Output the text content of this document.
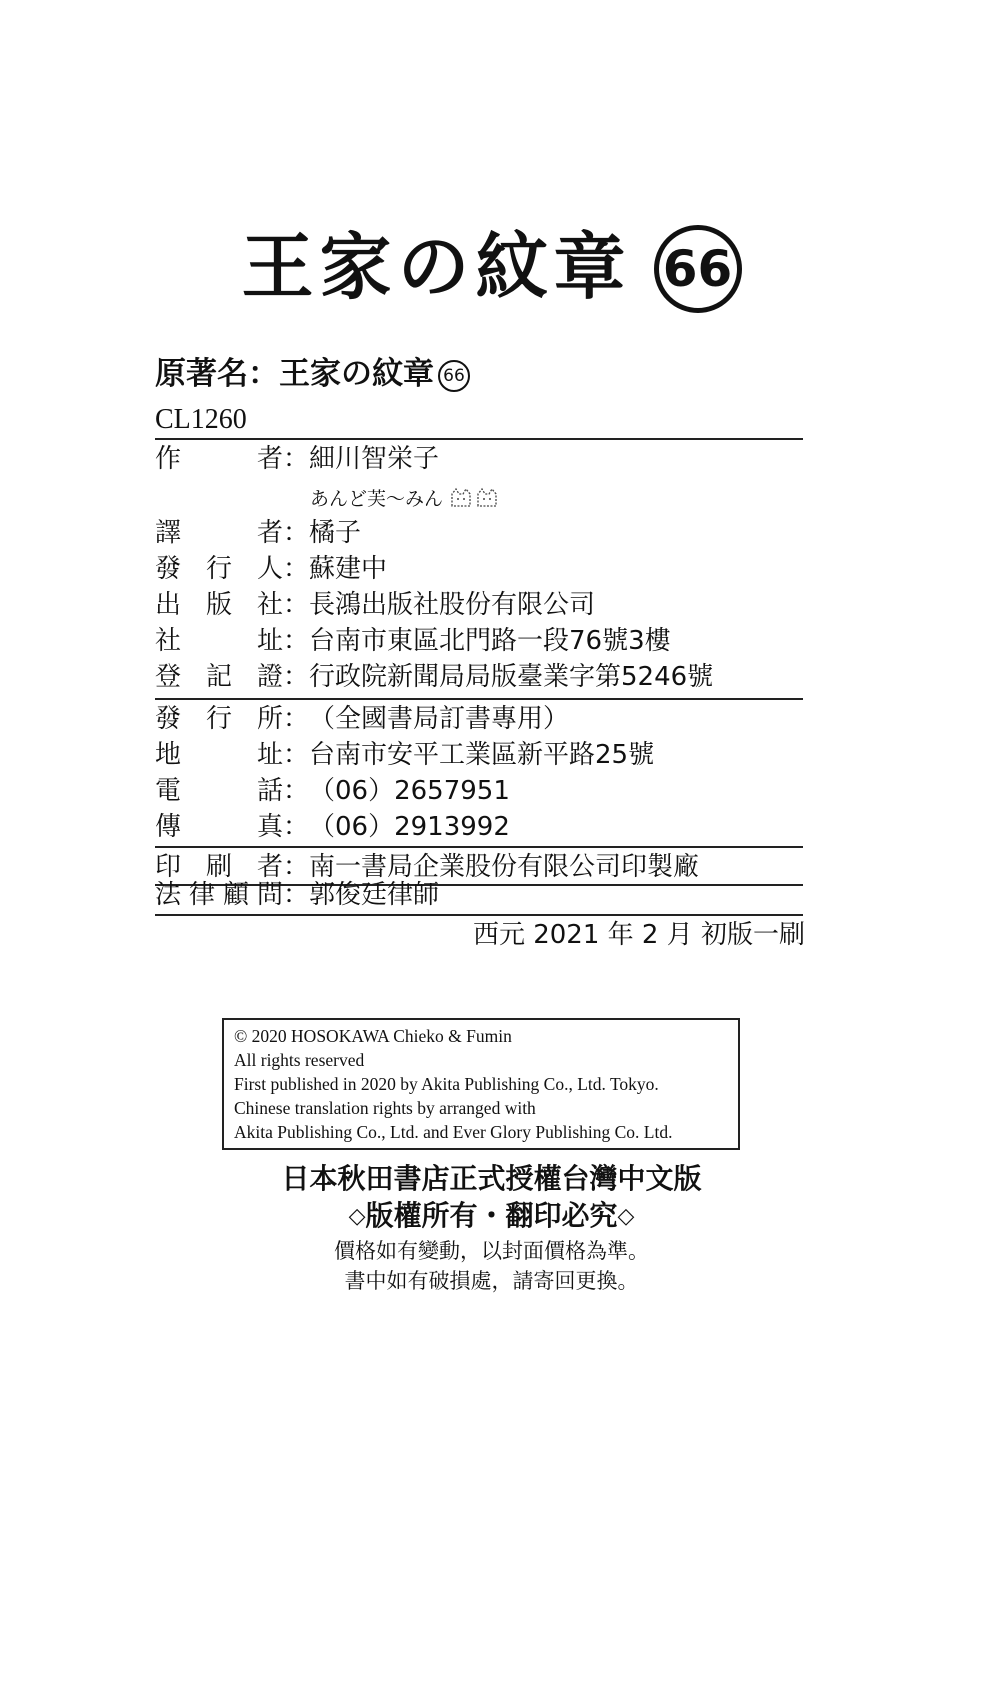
王家の紋章 66
原著名：王家の紋章 66
CL1260
作者：細川智栄子
あんど芙〜みん
譯者：橘子
發行人：蘇建中
出版社：長鴻出版社股份有限公司
社址：台南市東區北門路一段76號3樓
登記證：行政院新聞局局版臺業字第5246號
發行所：（全國書局訂書專用）
地址：台南市安平工業區新平路25號
電話：（06）2657951
傳真：（06）2913992
印刷者：南一書局企業股份有限公司印製廠
法律顧問：郭俊廷律師
西元 2021 年 2 月 初版一刷
© 2020 HOSOKAWA Chieko & Fumin
All rights reserved
First published in 2020 by Akita Publishing Co., Ltd. Tokyo.
Chinese translation rights by arranged with
Akita Publishing Co., Ltd. and Ever Glory Publishing Co. Ltd.
日本秋田書店正式授權台灣中文版
◇版權所有・翻印必究◇
價格如有變動，以封面價格為準。
書中如有破損處，請寄回更換。
